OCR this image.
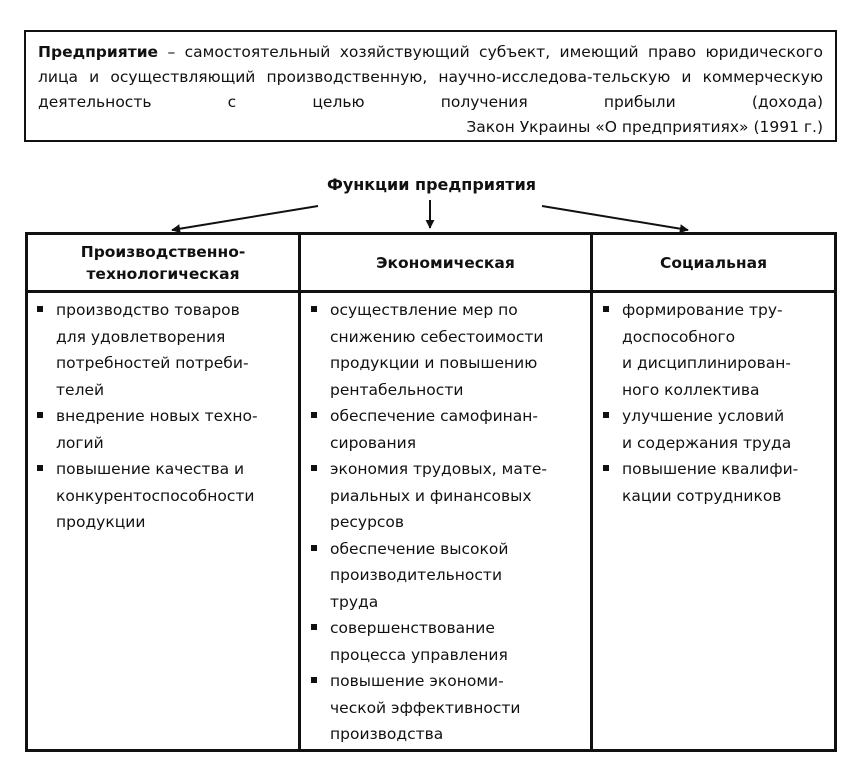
Предприятие – самостоятельный хозяйствующий субъект, имеющий право юридического лица и осуществляющий производственную, научно-исследова-тельскую и коммерческую деятельность с целью получения прибыли (дохода)
Закон Украины «О предприятиях» (1991 г.)
Функции предприятия
Производственно-
технологическая
Экономическая	Социальная
производство товаров
для удовлетворения
потребностей потреби-
телей
внедрение новых техно-
логий
повышение качества и
конкурентоспособности
продукции
осуществление мер по
снижению себестоимости
продукции и повышению
рентабельности
обеспечение самофинан-
сирования
экономия трудовых, мате-
риальных и финансовых
ресурсов
обеспечение высокой
производительности
труда
совершенствование
процесса управления
повышение экономи-
ческой эффективности
производства
формирование тру-
доспособного
и дисциплинирован-
ного коллектива
улучшение условий
и содержания труда
повышение квалифи-
кации сотрудников
